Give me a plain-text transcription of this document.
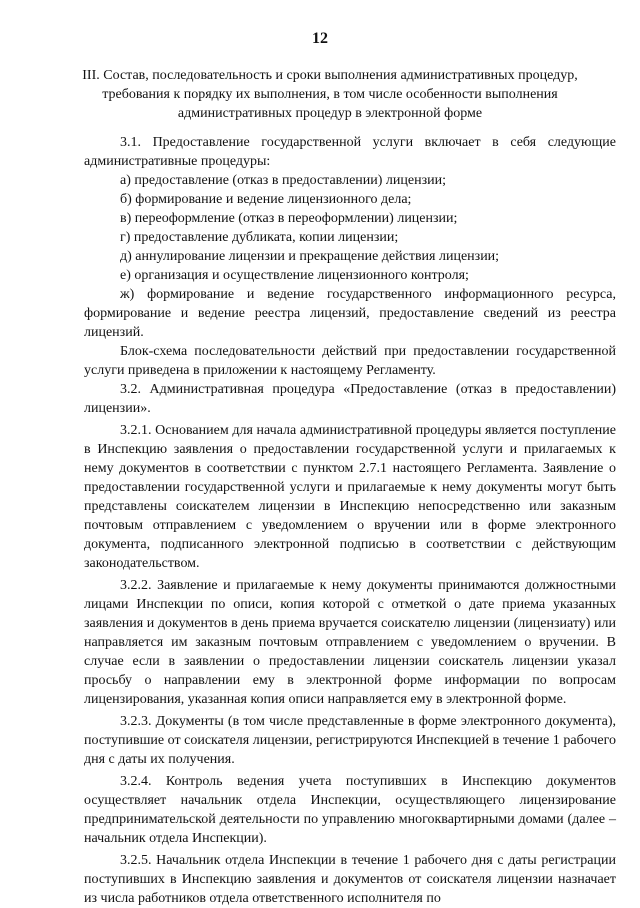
12
III. Состав, последовательность и сроки выполнения административных процедур, требования к порядку их выполнения, в том числе особенности выполнения административных процедур в электронной форме

3.1. Предоставление государственной услуги включает в себя следующие административные процедуры:

а) предоставление (отказ в предоставлении) лицензии;

б) формирование и ведение лицензионного дела;

в) переоформление (отказ в переоформлении) лицензии;

г) предоставление дубликата, копии лицензии;

д) аннулирование лицензии и прекращение действия лицензии;

е) организация и осуществление лицензионного контроля;

ж) формирование и ведение государственного информационного ресурса, формирование и ведение реестра лицензий, предоставление сведений из реестра лицензий.

Блок-схема последовательности действий при предоставлении государственной услуги приведена в приложении к настоящему Регламенту.

3.2. Административная процедура «Предоставление (отказ в предоставлении) лицензии».

3.2.1. Основанием для начала административной процедуры является поступление в Инспекцию заявления о предоставлении государственной услуги и прилагаемых к нему документов в соответствии с пунктом 2.7.1 настоящего Регламента. Заявление о предоставлении государственной услуги и прилагаемые к нему документы могут быть представлены соискателем лицензии в Инспекцию непосредственно или заказным почтовым отправлением с уведомлением о вручении или в форме электронного документа, подписанного электронной подписью в соответствии с действующим законодательством.

3.2.2. Заявление и прилагаемые к нему документы принимаются должностными лицами Инспекции по описи, копия которой с отметкой о дате приема указанных заявления и документов в день приема вручается соискателю лицензии (лицензиату) или направляется им заказным почтовым отправлением с уведомлением о вручении. В случае если в заявлении о предоставлении лицензии соискатель лицензии указал просьбу о направлении ему в электронной форме информации по вопросам лицензирования, указанная копия описи направляется ему в электронной форме.

3.2.3. Документы (в том числе представленные в форме электронного документа), поступившие от соискателя лицензии, регистрируются Инспекцией в течение 1 рабочего дня с даты их получения.

3.2.4. Контроль ведения учета поступивших в Инспекцию документов осуществляет начальник отдела Инспекции, осуществляющего лицензирование предпринимательской деятельности по управлению многоквартирными домами (далее – начальник отдела Инспекции).

3.2.5. Начальник отдела Инспекции в течение 1 рабочего дня с даты регистрации поступивших в Инспекцию заявления и документов от соискателя лицензии назначает из числа работников отдела ответственного исполнителя по
